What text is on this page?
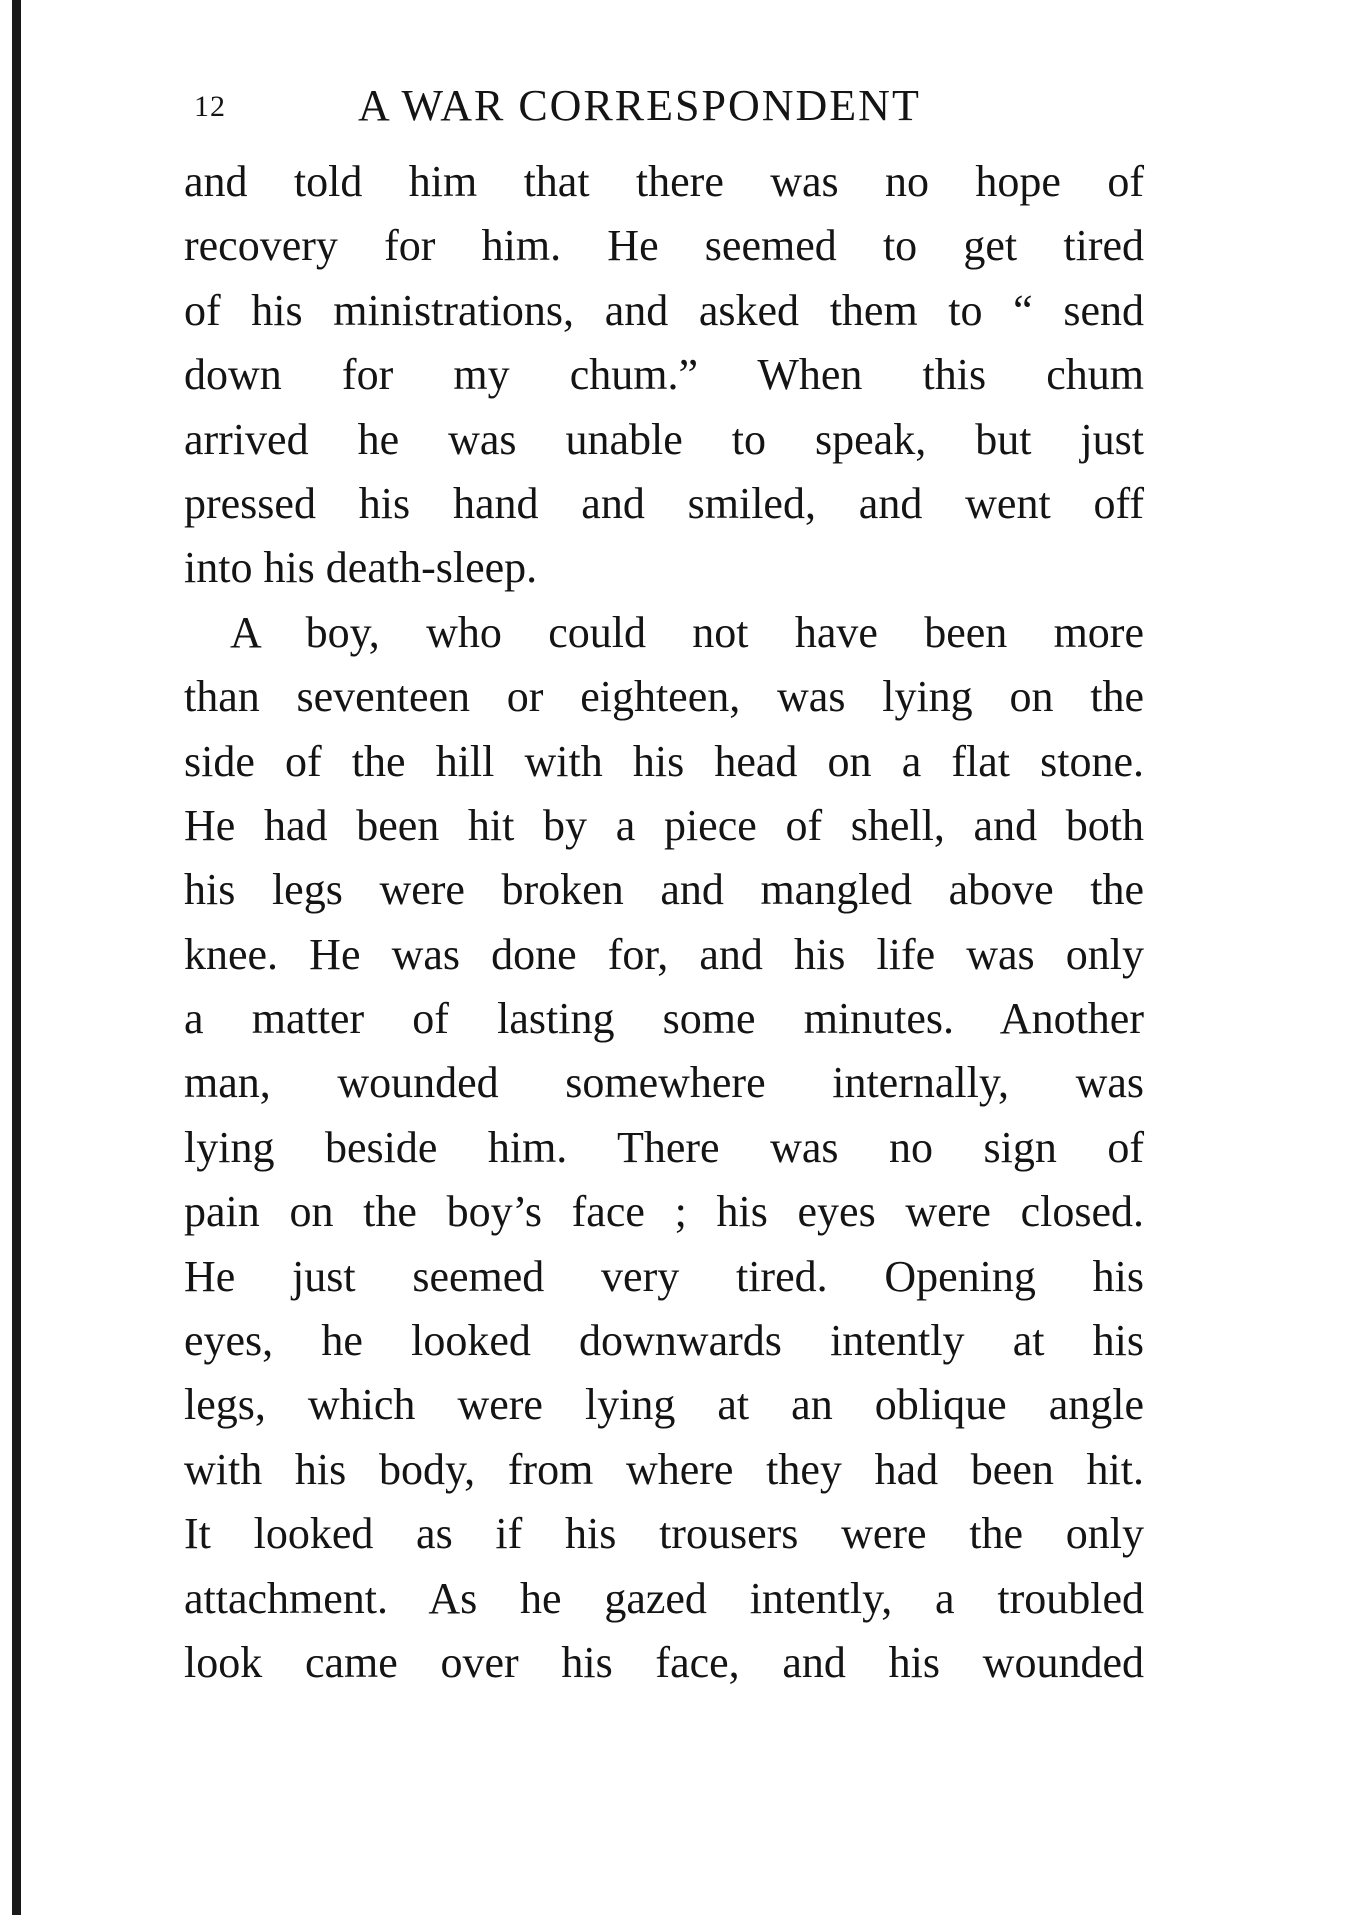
12	A WAR CORRESPONDENT
and told him that there was no hope of
recovery for him. He seemed to get tired
of his ministrations, and asked them to “ send
down for my chum.” When this chum
arrived he was unable to speak, but just
pressed his hand and smiled, and went off
into his death-sleep.
A boy, who could not have been more
than seventeen or eighteen, was lying on the
side of the hill with his head on a flat stone.
He had been hit by a piece of shell, and both
his legs were broken and mangled above the
knee. He was done for, and his life was only
a matter of lasting some minutes. Another
man, wounded somewhere internally, was
lying beside him. There was no sign of
pain on the boy’s face ; his eyes were closed.
He just seemed very tired. Opening his
eyes, he looked downwards intently at his
legs, which were lying at an oblique angle
with his body, from where they had been hit.
It looked as if his trousers were the only
attachment. As he gazed intently, a troubled
look came over his face, and his wounded
